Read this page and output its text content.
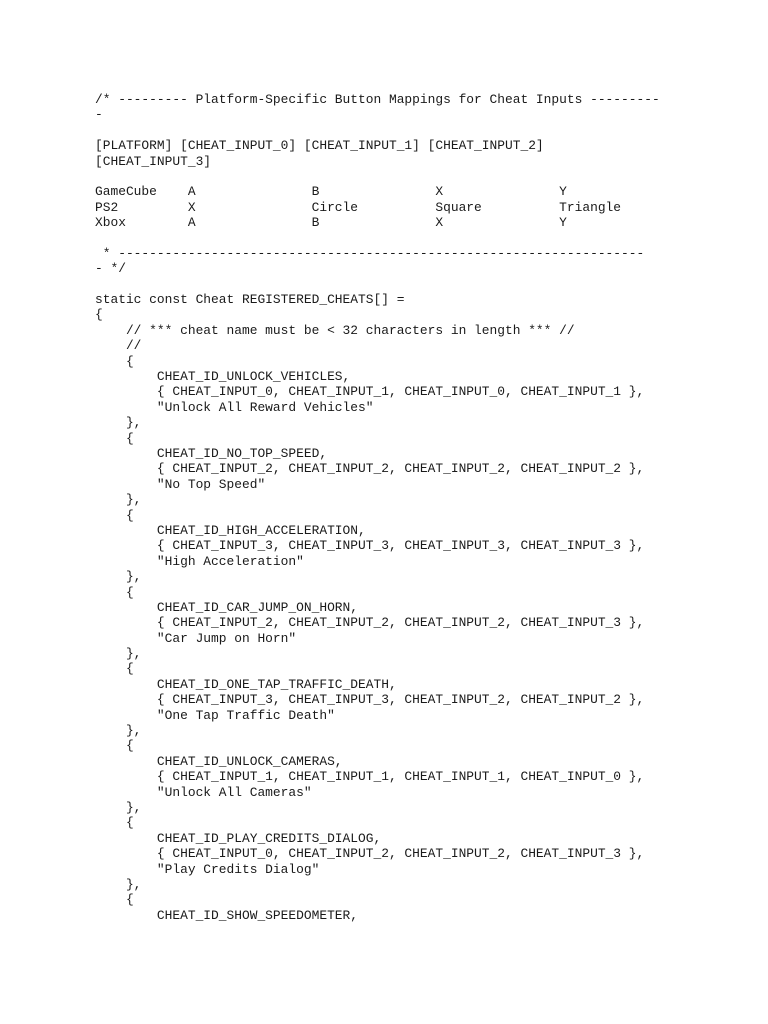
/* --------- Platform-Specific Button Mappings for Cheat Inputs ---------
-
[PLATFORM] [CHEAT_INPUT_0] [CHEAT_INPUT_1] [CHEAT_INPUT_2]
[CHEAT_INPUT_3]
GameCube    A               B               X               Y
PS2         X               Circle          Square          Triangle
Xbox        A               B               X               Y
* --------------------------------------------------------------------
- */
static const Cheat REGISTERED_CHEATS[] =
{
// *** cheat name must be < 32 characters in length *** //
//
{
CHEAT_ID_UNLOCK_VEHICLES,
{ CHEAT_INPUT_0, CHEAT_INPUT_1, CHEAT_INPUT_0, CHEAT_INPUT_1 },
"Unlock All Reward Vehicles"
},
{
CHEAT_ID_NO_TOP_SPEED,
{ CHEAT_INPUT_2, CHEAT_INPUT_2, CHEAT_INPUT_2, CHEAT_INPUT_2 },
"No Top Speed"
},
{
CHEAT_ID_HIGH_ACCELERATION,
{ CHEAT_INPUT_3, CHEAT_INPUT_3, CHEAT_INPUT_3, CHEAT_INPUT_3 },
"High Acceleration"
},
{
CHEAT_ID_CAR_JUMP_ON_HORN,
{ CHEAT_INPUT_2, CHEAT_INPUT_2, CHEAT_INPUT_2, CHEAT_INPUT_3 },
"Car Jump on Horn"
},
{
CHEAT_ID_ONE_TAP_TRAFFIC_DEATH,
{ CHEAT_INPUT_3, CHEAT_INPUT_3, CHEAT_INPUT_2, CHEAT_INPUT_2 },
"One Tap Traffic Death"
},
{
CHEAT_ID_UNLOCK_CAMERAS,
{ CHEAT_INPUT_1, CHEAT_INPUT_1, CHEAT_INPUT_1, CHEAT_INPUT_0 },
"Unlock All Cameras"
},
{
CHEAT_ID_PLAY_CREDITS_DIALOG,
{ CHEAT_INPUT_0, CHEAT_INPUT_2, CHEAT_INPUT_2, CHEAT_INPUT_3 },
"Play Credits Dialog"
},
{
CHEAT_ID_SHOW_SPEEDOMETER,
